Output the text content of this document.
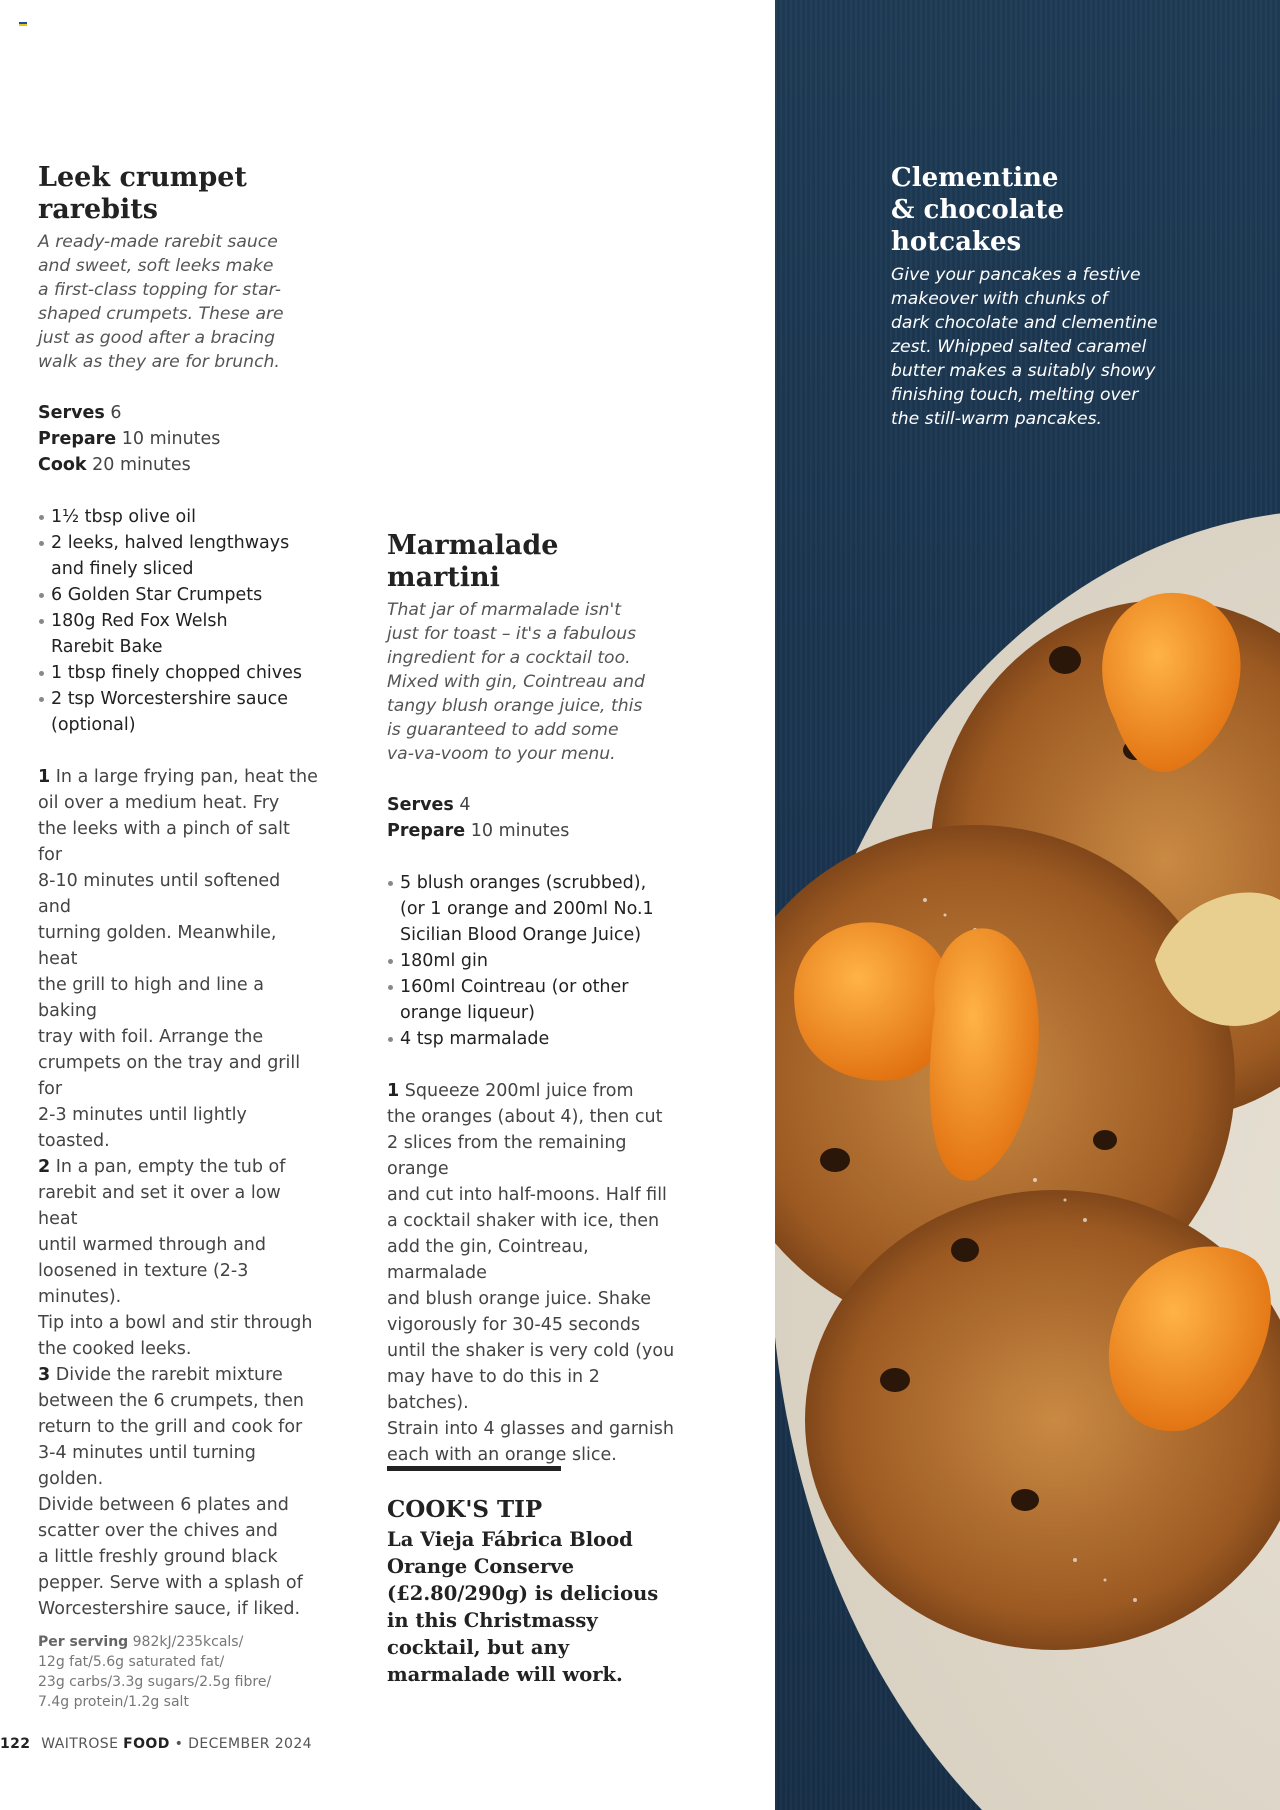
Leek crumpet
rarebits
A ready-made rarebit sauce
and sweet, soft leeks make
a first-class topping for star-
shaped crumpets. These are
just as good after a bracing
walk as they are for brunch.
Serves 6
Prepare 10 minutes
Cook 20 minutes
1½ tbsp olive oil
2 leeks, halved lengthways
and finely sliced
6 Golden Star Crumpets
180g Red Fox Welsh
Rarebit Bake
1 tbsp finely chopped chives
2 tsp Worcestershire sauce
(optional)
1 In a large frying pan, heat the
oil over a medium heat. Fry
the leeks with a pinch of salt for
8-10 minutes until softened and
turning golden. Meanwhile, heat
the grill to high and line a baking
tray with foil. Arrange the
crumpets on the tray and grill for
2-3 minutes until lightly toasted.
2 In a pan, empty the tub of
rarebit and set it over a low heat
until warmed through and
loosened in texture (2-3 minutes).
Tip into a bowl and stir through
the cooked leeks.
3 Divide the rarebit mixture
between the 6 crumpets, then
return to the grill and cook for
3-4 minutes until turning golden.
Divide between 6 plates and
scatter over the chives and
a little freshly ground black
pepper. Serve with a splash of
Worcestershire sauce, if liked.
Per serving 982kJ/235kcals/
12g fat/5.6g saturated fat/
23g carbs/3.3g sugars/2.5g fibre/
7.4g protein/1.2g salt
Marmalade
martini
That jar of marmalade isn't
just for toast – it's a fabulous
ingredient for a cocktail too.
Mixed with gin, Cointreau and
tangy blush orange juice, this
is guaranteed to add some
va-va-voom to your menu.
Serves 4
Prepare 10 minutes
5 blush oranges (scrubbed),
(or 1 orange and 200ml No.1
Sicilian Blood Orange Juice)
180ml gin
160ml Cointreau (or other
orange liqueur)
4 tsp marmalade
1 Squeeze 200ml juice from
the oranges (about 4), then cut
2 slices from the remaining orange
and cut into half-moons. Half fill
a cocktail shaker with ice, then
add the gin, Cointreau, marmalade
and blush orange juice. Shake
vigorously for 30-45 seconds
until the shaker is very cold (you
may have to do this in 2 batches).
Strain into 4 glasses and garnish
each with an orange slice.
COOK'S TIP

La Vieja Fábrica Blood
Orange Conserve
(£2.80/290g) is delicious
in this Christmassy
cocktail, but any
marmalade will work.

122 WAITROSE FOOD • DECEMBER 2024
Clementine
& chocolate
hotcakes

Give your pancakes a festive
makeover with chunks of
dark chocolate and clementine
zest. Whipped salted caramel
butter makes a suitably showy
finishing touch, melting over
the still-warm pancakes.
